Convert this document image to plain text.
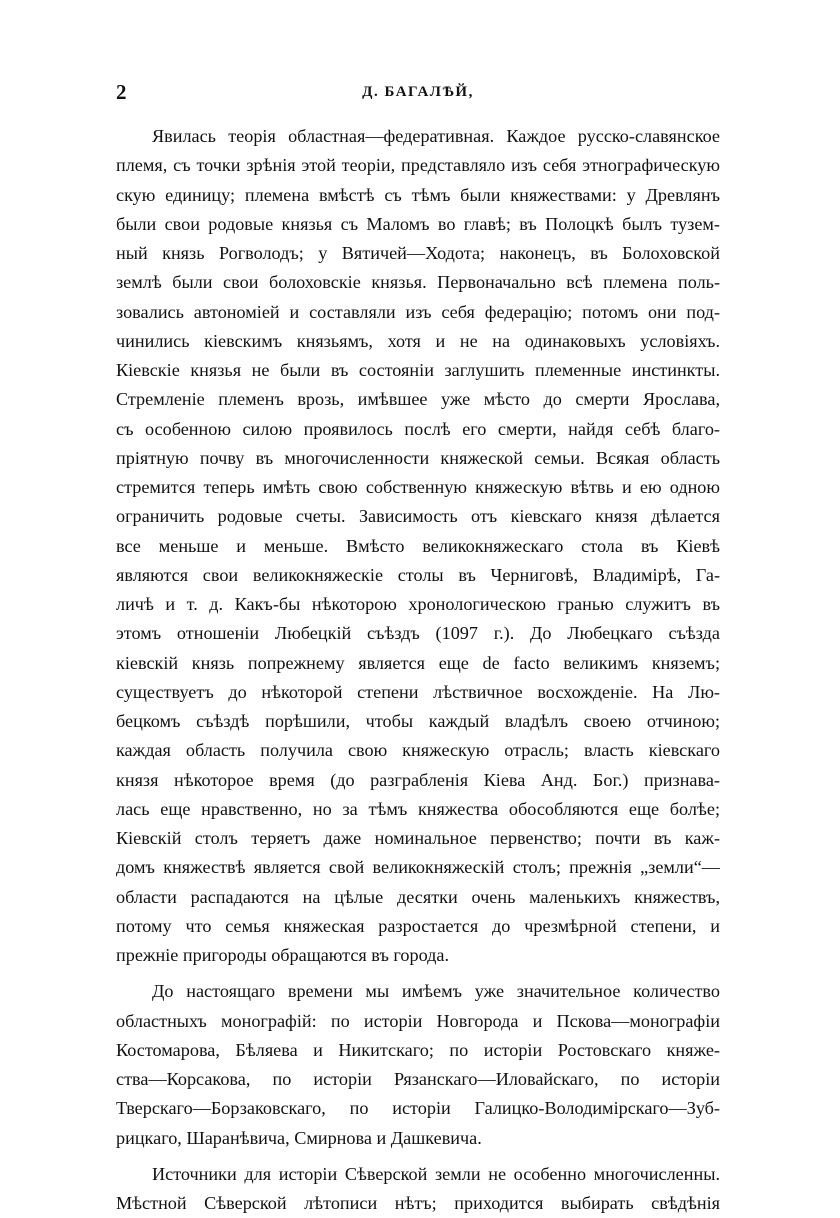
2	Д. БАГАЛѢЙ,
Явилась теорія областная—федеративная. Каждое русско-славянское
племя, съ точки зрѣнія этой теоріи, представляло изъ себя этнографическую
скую единицу; племена вмѣстѣ съ тѣмъ были княжествами: у Древлянъ
были свои родовые князья съ Маломъ во главѣ; въ Полоцкѣ былъ тузем-
ный князь Рогволодъ; у Вятичей—Ходота; наконецъ, въ Болоховской
землѣ были свои болоховскіе князья. Первоначально всѣ племена поль-
зовались автономіей и составляли изъ себя федерацію; потомъ они под-
чинились кіевскимъ князьямъ, хотя и не на одинаковыхъ условіяхъ.
Кіевскіе князья не были въ состояніи заглушить племенные инстинкты.
Стремленіе племенъ врозь, имѣвшее уже мѣсто до смерти Ярослава,
съ особенною силою проявилось послѣ его смерти, найдя себѣ благо-
пріятную почву въ многочисленности княжеской семьи. Всякая область
стремится теперь имѣть свою собственную княжескую вѣтвь и ею одною
ограничить родовые счеты. Зависимость отъ кіевскаго князя дѣлается
все меньше и меньше. Вмѣсто великокняжескаго стола въ Кіевѣ
являются свои великокняжескіе столы въ Черниговѣ, Владимірѣ, Га-
личѣ и т. д. Какъ-бы нѣкоторою хронологическою гранью служитъ въ
этомъ отношеніи Любецкій съѣздъ (1097 г.). До Любецкаго съѣзда
кіевскій князь попрежнему является еще de facto великимъ княземъ;
существуетъ до нѣкоторой степени лѣствичное восхожденіе. На Лю-
бецкомъ съѣздѣ порѣшили, чтобы каждый владѣлъ своею отчиною;
каждая область получила свою княжескую отрасль; власть кіевскаго
князя нѣкоторое время (до разграбленія Кіева Анд. Бог.) признава-
лась еще нравственно, но за тѣмъ княжества обособляются еще болѣе;
Кіевскій столъ теряетъ даже номинальное первенство; почти въ каж-
домъ княжествѣ является свой великокняжескій столъ; прежнія „земли“—
области распадаются на цѣлые десятки очень маленькихъ княжествъ,
потому что семья княжеская разростается до чрезмѣрной степени, и
прежніе пригороды обращаются въ города.
До настоящаго времени мы имѣемъ уже значительное количество
областныхъ монографій: по исторіи Новгорода и Пскова—монографіи
Костомарова, Бѣляева и Никитскаго; по исторіи Ростовскаго княже-
ства—Корсакова, по исторіи Рязанскаго—Иловайскаго, по исторіи
Тверскаго—Борзаковскаго, по исторіи Галицко-Володимірскаго—Зуб-
рицкаго, Шаранѣвича, Смирнова и Дашкевича.
Источники для исторіи Сѣверской земли не особенно многочисленны.
Мѣстной Сѣверской лѣтописи нѣтъ; приходится выбирать свѣдѣнія
